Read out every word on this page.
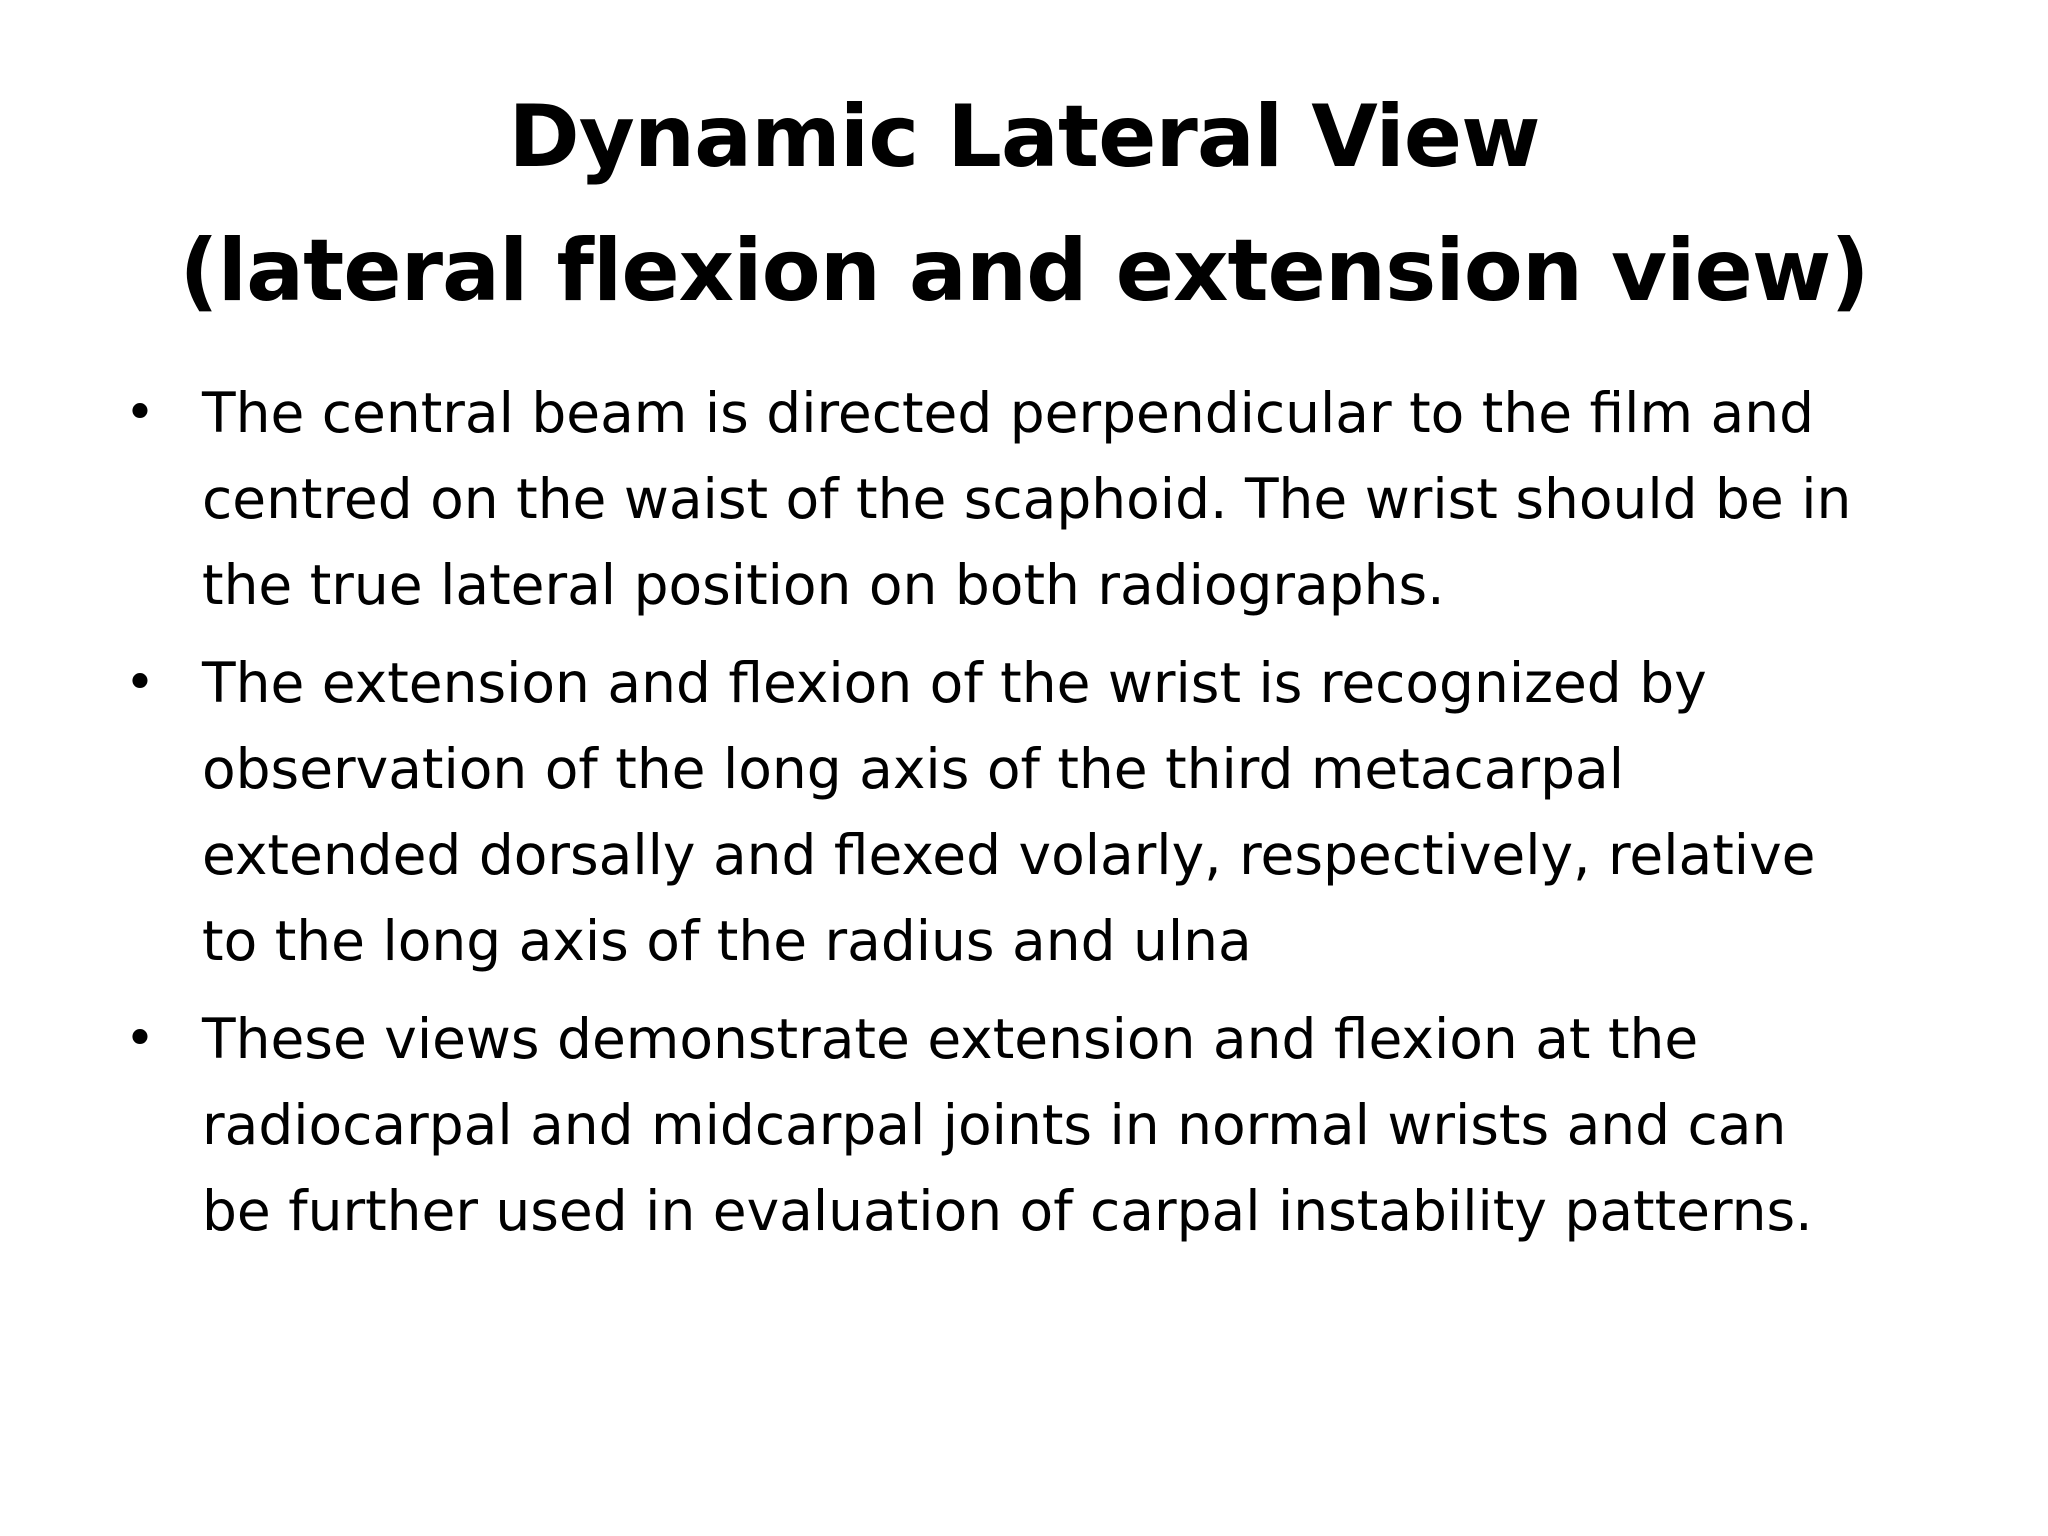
Dynamic Lateral View
(lateral flexion and extension view)
• The central beam is directed perpendicular to the film and
centred on the waist of the scaphoid. The wrist should be in
the true lateral position on both radiographs.
• The extension and flexion of the wrist is recognized by
observation of the long axis of the third metacarpal
extended dorsally and flexed volarly, respectively, relative
to the long axis of the radius and ulna
• These views demonstrate extension and flexion at the
radiocarpal and midcarpal joints in normal wrists and can
be further used in evaluation of carpal instability patterns.
